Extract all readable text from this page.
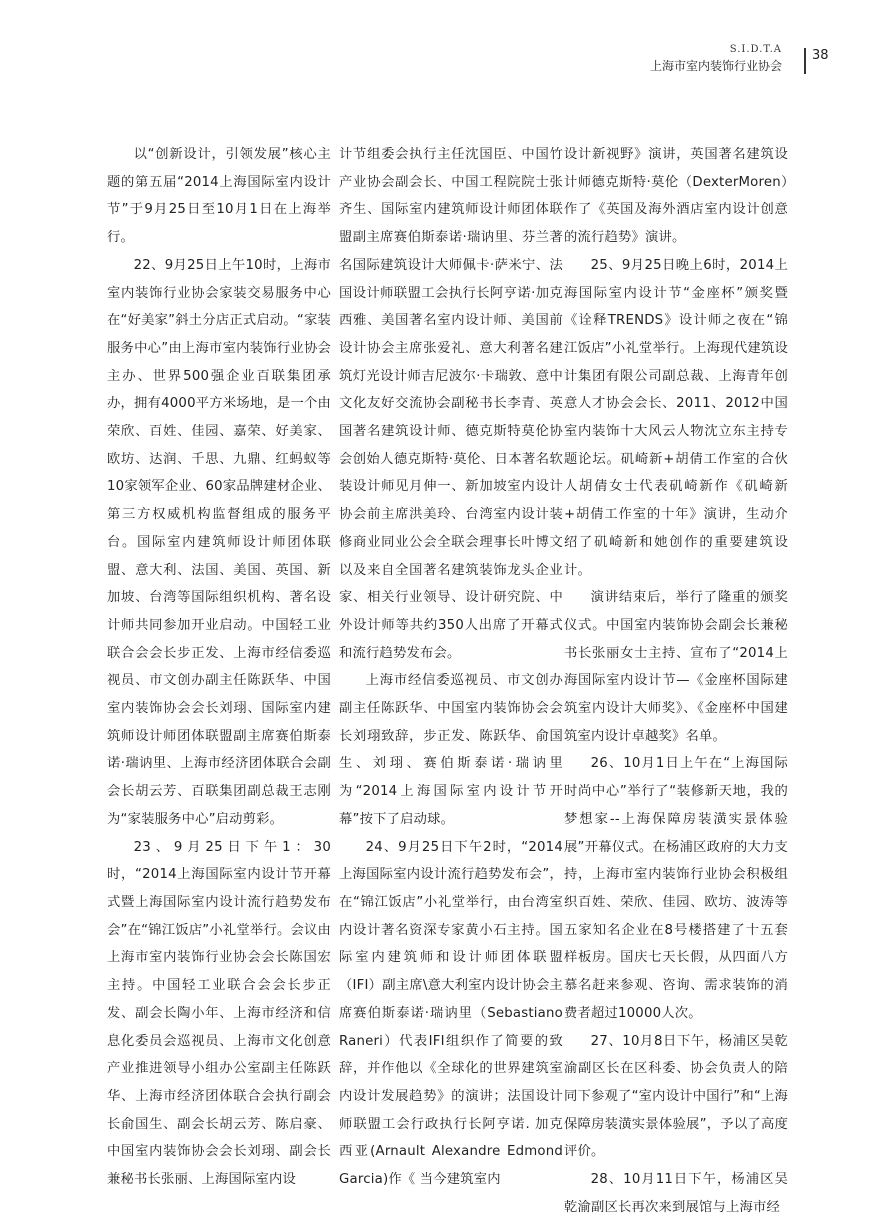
S.I.D.T.A
上海市室内装饰行业协会
38

以“创新设计，引领发展”核心主题的第五届“2014上海国际室内设计节”于9月25日至10月1日在上海举行。

22、9月25日上午10时，上海市室内装饰行业协会家装交易服务中心在“好美家”斜土分店正式启动。“家装服务中心”由上海市室内装饰行业协会主办、世界500强企业百联集团承办，拥有4000平方米场地，是一个由荣欣、百姓、佳园、嘉荣、好美家、欧坊、达润、千思、九鼎、红蚂蚁等10家领军企业、60家品牌建材企业、第三方权威机构监督组成的服务平台。国际室内建筑师设计师团体联盟、意大利、法国、美国、英国、新加坡、台湾等国际组织机构、著名设计师共同参加开业启动。中国轻工业联合会会长步正发、上海市经信委巡视员、市文创办副主任陈跃华、中国室内装饰协会会长刘珝、国际室内建筑师设计师团体联盟副主席赛伯斯泰诺·瑞讷里、上海市经济团体联合会副会长胡云芳、百联集团副总裁王志刚为“家装服务中心”启动剪彩。

23、9月25日下午1：30时，“2014上海国际室内设计节开幕式暨上海国际室内设计流行趋势发布会”在“锦江饭店”小礼堂举行。会议由上海市室内装饰行业协会会长陈国宏主持。中国轻工业联合会会长步正发、副会长陶小年、上海市经济和信息化委员会巡视员、上海市文化创意产业推进领导小组办公室副主任陈跃华、上海市经济团体联合会执行副会长俞国生、副会长胡云芳、陈启豪、中国室内装饰协会会长刘珝、副会长兼秘书长张丽、上海国际室内设

计节组委会执行主任沈国臣、中国竹产业协会副会长、中国工程院院士张齐生、国际室内建筑师设计师团体联盟副主席赛伯斯泰诺·瑞讷里、芬兰著名国际建筑设计大师佩卡·萨米宁、法国设计师联盟工会执行长阿亨诺·加克西雅、美国著名室内设计师、美国前设计协会主席张爱礼、意大利著名建筑灯光设计师吉尼波尔·卡瑞敦、意中文化友好交流协会副秘书长李青、英国著名建筑设计师、德克斯特莫伦协会创始人德克斯特·莫伦、日本著名软装设计师见月伸一、新加坡室内设计协会前主席洪美玲、台湾室内设计装修商业同业公会全联会理事长叶博文以及来自全国著名建筑装饰龙头企业家、相关行业领导、设计研究院、中外设计师等共约350人出席了开幕式和流行趋势发布会。

上海市经信委巡视员、市文创办副主任陈跃华、中国室内装饰协会会长刘珝致辞，步正发、陈跃华、俞国生、刘珝、赛伯斯泰诺·瑞讷里为“2014上海国际室内设计节开幕”按下了启动球。

24、9月25日下午2时，“2014上海国际室内设计流行趋势发布会”，在“锦江饭店”小礼堂举行，由台湾室内设计著名资深专家黄小石主持。国际室内建筑师和设计师团体联盟（IFI）副主席\意大利室内设计协会主席赛伯斯泰诺·瑞讷里（Sebastiano Raneri）代表IFI组织作了简要的致辞，并作他以《全球化的世界建筑室内设计发展趋势》的演讲；法国设计师联盟工会行政执行长阿亨诺. 加克西亚(Arnault Alexandre Edmond Garcia)作《 当今建筑室内

设计新视野》演讲，英国著名建筑设计师德克斯特·莫伦（DexterMoren）作了《英国及海外酒店室内设计创意的流行趋势》演讲。

25、9月25日晚上6时，2014上海国际室内设计节“金座杯”颁奖暨《诠释TRENDS》设计师之夜在“锦江饭店”小礼堂举行。上海现代建筑设计集团有限公司副总裁、上海青年创意人才协会会长、2011、2012中国室内装饰十大风云人物沈立东主持专题论坛。矶崎新+胡倩工作室的合伙人胡倩女士代表矶崎新作《矶崎新+胡倩工作室的十年》演讲，生动介绍了矶崎新和她创作的重要建筑设计。

演讲结束后，举行了隆重的颁奖仪式。中国室内装饰协会副会长兼秘书长张丽女士主持、宣布了“2014上海国际室内设计节—《金座杯国际建筑室内设计大师奖》、《金座杯中国建筑室内设计卓越奖》名单。

26、10月1日上午在“上海国际时尚中心”举行了“装修新天地，我的梦想家--上海保障房装潢实景体验展”开幕仪式。在杨浦区政府的大力支持，上海市室内装饰行业协会积极组织百姓、荣欣、佳园、欧坊、波涛等五家知名企业在8号楼搭建了十五套样板房。国庆七天长假，从四面八方慕名赶来参观、咨询、需求装饰的消费者超过10000人次。

27、10月8日下午，杨浦区吴乾渝副区长在区科委、协会负责人的陪同下参观了“室内设计中国行”和“上海保障房装潢实景体验展”，予以了高度评价。

28、10月11日下午，杨浦区吴乾渝副区长再次来到展馆与上海市经
